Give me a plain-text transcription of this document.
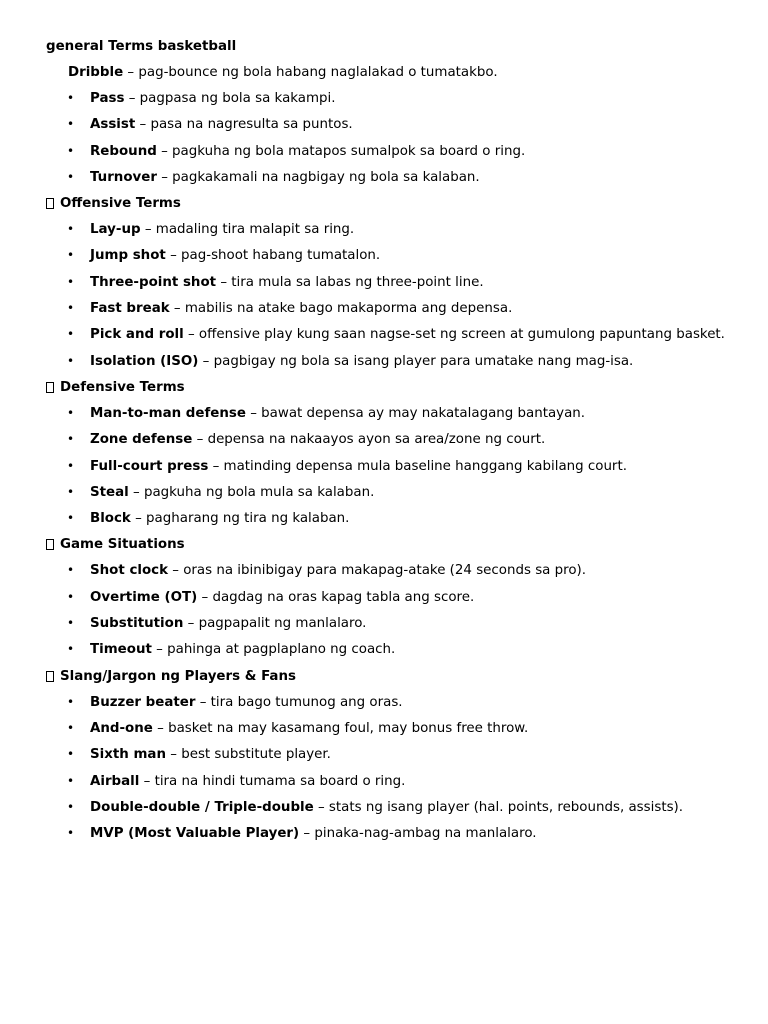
general Terms basketball
Dribble – pag-bounce ng bola habang naglalakad o tumatakbo.
• Pass – pagpasa ng bola sa kakampi.
• Assist – pasa na nagresulta sa puntos.
• Rebound – pagkuha ng bola matapos sumalpok sa board o ring.
• Turnover – pagkakamali na nagbigay ng bola sa kalaban.
Offensive Terms
• Lay-up – madaling tira malapit sa ring.
• Jump shot – pag-shoot habang tumatalon.
• Three-point shot – tira mula sa labas ng three-point line.
• Fast break – mabilis na atake bago makaporma ang depensa.
• Pick and roll – offensive play kung saan nagse-set ng screen at gumulong papuntang basket.
• Isolation (ISO) – pagbigay ng bola sa isang player para umatake nang mag-isa.
Defensive Terms
• Man-to-man defense – bawat depensa ay may nakatalagang bantayan.
• Zone defense – depensa na nakaayos ayon sa area/zone ng court.
• Full-court press – matinding depensa mula baseline hanggang kabilang court.
• Steal – pagkuha ng bola mula sa kalaban.
• Block – pagharang ng tira ng kalaban.
Game Situations
• Shot clock – oras na ibinibigay para makapag-atake (24 seconds sa pro).
• Overtime (OT) – dagdag na oras kapag tabla ang score.
• Substitution – pagpapalit ng manlalaro.
• Timeout – pahinga at pagplaplano ng coach.
Slang/Jargon ng Players & Fans
• Buzzer beater – tira bago tumunog ang oras.
• And-one – basket na may kasamang foul, may bonus free throw.
• Sixth man – best substitute player.
• Airball – tira na hindi tumama sa board o ring.
• Double-double / Triple-double – stats ng isang player (hal. points, rebounds, assists).
• MVP (Most Valuable Player) – pinaka-nag-ambag na manlalaro.
